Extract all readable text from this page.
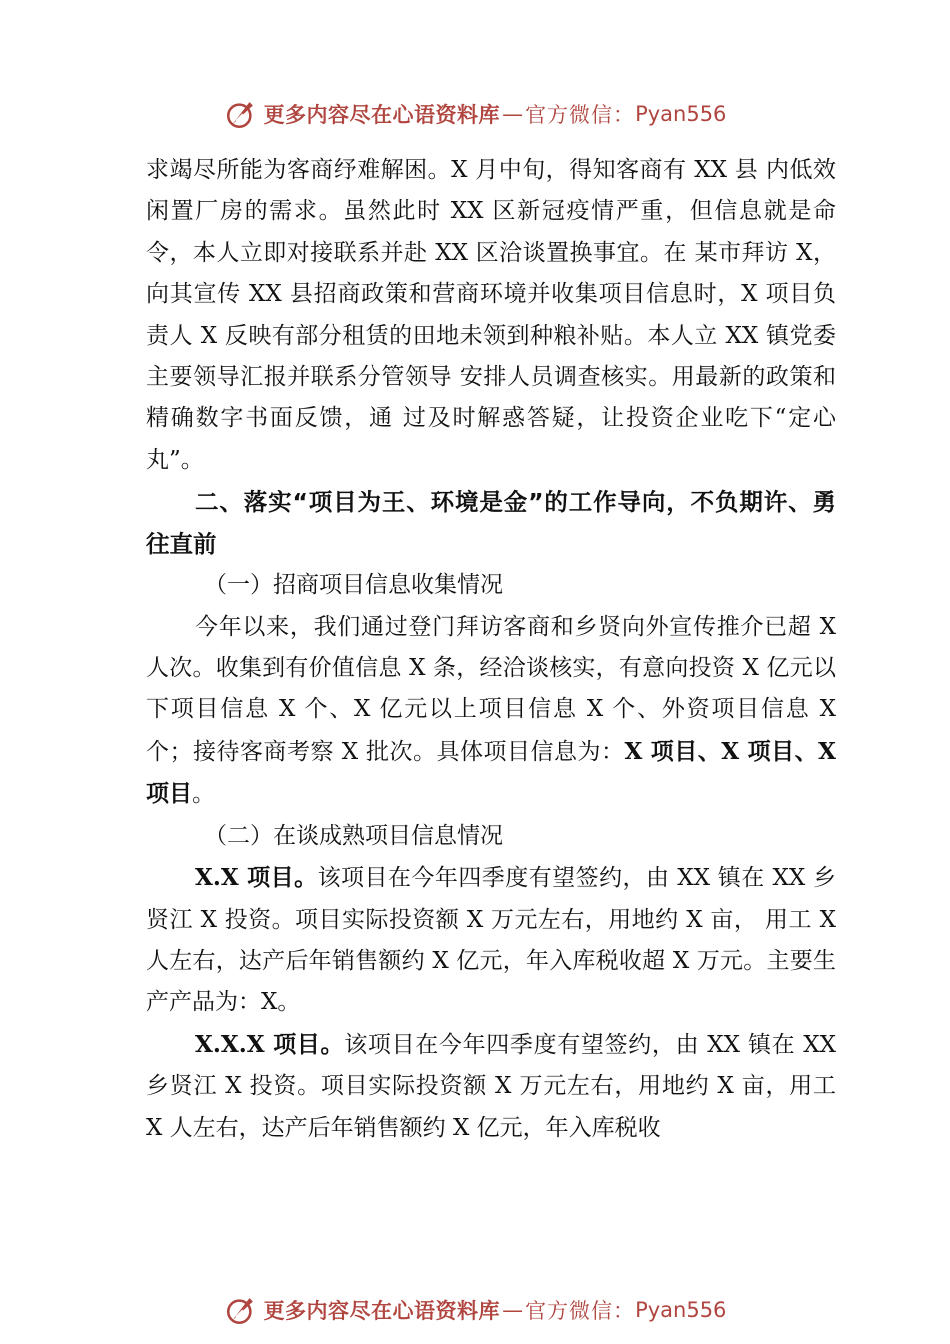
更多内容尽在心语资料库 — 官方微信： Pyan556

求竭尽所能为客商纾难解困。X 月中旬，得知客商有 XX 县 内低效闲置厂房的需求。虽然此时 XX 区新冠疫情严重，但信息就是命令，本人立即对接联系并赴 XX 区洽谈置换事宜。在 某市拜访 X，向其宣传 XX 县招商政策和营商环境并收集项目信息时，X 项目负责人 X 反映有部分租赁的田地未领到种粮补贴。本人立 XX 镇党委主要领导汇报并联系分管领导 安排人员调查核实。用最新的政策和精确数字书面反馈，通 过及时解惑答疑，让投资企业吃下“定心丸”。

二、落实“项目为王、环境是金”的工作导向，不负期许、勇往直前

（一）招商项目信息收集情况

今年以来，我们通过登门拜访客商和乡贤向外宣传推介已超 X 人次。收集到有价值信息 X 条，经洽谈核实，有意向投资 X 亿元以下项目信息 X 个、X 亿元以上项目信息 X 个、外资项目信息 X 个；接待客商考察 X 批次。具体项目信息为：X 项目、X 项目、X 项目。

（二）在谈成熟项目信息情况

X.X 项目。该项目在今年四季度有望签约，由 XX 镇在 XX 乡贤江 X 投资。项目实际投资额 X 万元左右，用地约 X 亩， 用工 X 人左右，达产后年销售额约 X 亿元，年入库税收超 X 万元。主要生产产品为：X。

X.X.X 项目。该项目在今年四季度有望签约，由 XX 镇在 XX 乡贤江 X 投资。项目实际投资额 X 万元左右，用地约 X 亩，用工 X 人左右，达产后年销售额约 X 亿元，年入库税收

更多内容尽在心语资料库 — 官方微信： Pyan556
